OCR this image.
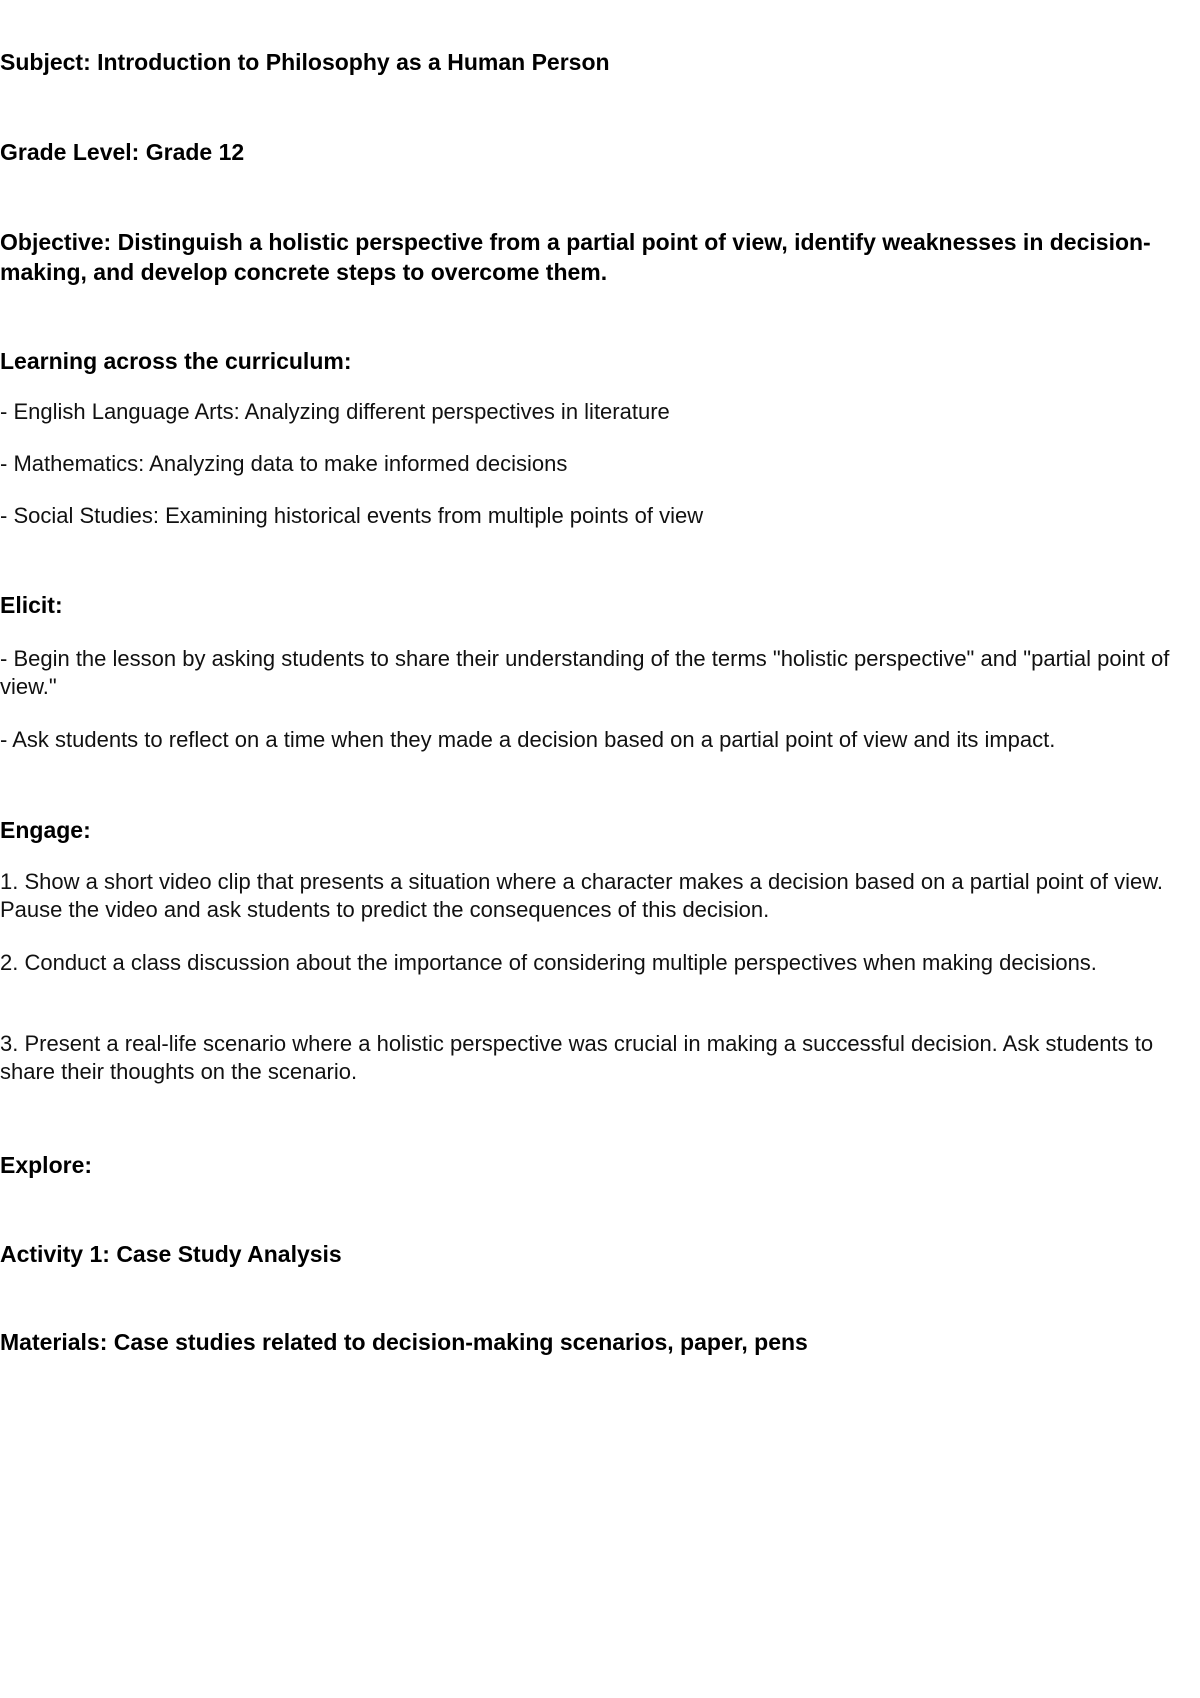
Subject: Introduction to Philosophy as a Human Person

Grade Level: Grade 12

Objective: Distinguish a holistic perspective from a partial point of view, identify weaknesses in decision-making, and develop concrete steps to overcome them.

Learning across the curriculum:

- English Language Arts: Analyzing different perspectives in literature

- Mathematics: Analyzing data to make informed decisions

- Social Studies: Examining historical events from multiple points of view

Elicit:

- Begin the lesson by asking students to share their understanding of the terms "holistic perspective" and "partial point of view."

- Ask students to reflect on a time when they made a decision based on a partial point of view and its impact.

Engage:

1. Show a short video clip that presents a situation where a character makes a decision based on a partial point of view. Pause the video and ask students to predict the consequences of this decision.

2. Conduct a class discussion about the importance of considering multiple perspectives when making decisions.

3. Present a real-life scenario where a holistic perspective was crucial in making a successful decision. Ask students to share their thoughts on the scenario.

Explore:

Activity 1: Case Study Analysis

Materials: Case studies related to decision-making scenarios, paper, pens
